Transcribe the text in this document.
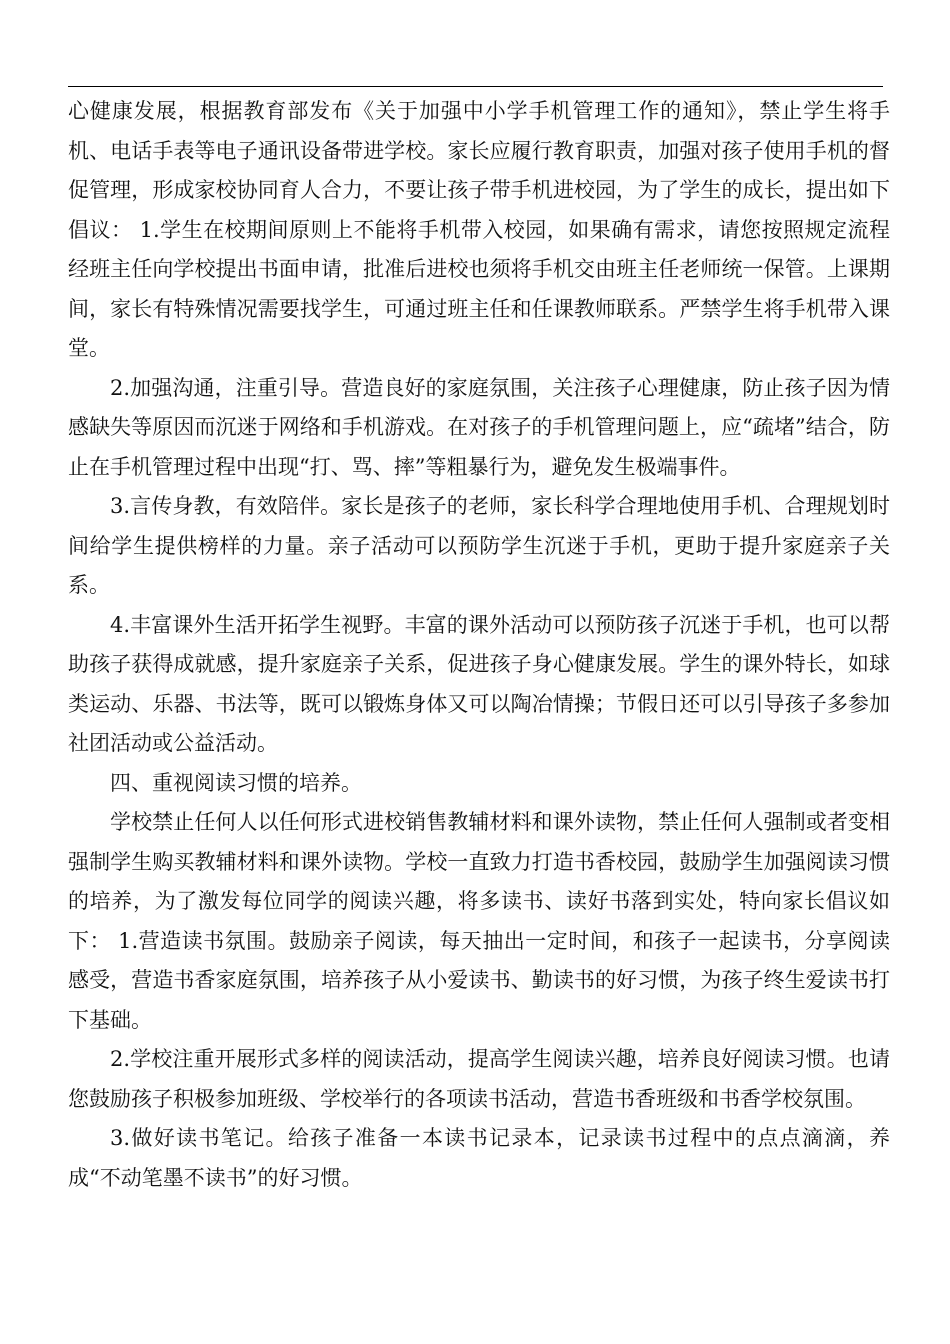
心健康发展，根据教育部发布《关于加强中小学手机管理工作的通知》，禁止学生将手机、电话手表等电子通讯设备带进学校。家长应履行教育职责，加强对孩子使用手机的督促管理，形成家校协同育人合力，不要让孩子带手机进校园，为了学生的成长，提出如下倡议： 1.学生在校期间原则上不能将手机带入校园，如果确有需求，请您按照规定流程经班主任向学校提出书面申请，批准后进校也须将手机交由班主任老师统一保管。上课期间，家长有特殊情况需要找学生，可通过班主任和任课教师联系。严禁学生将手机带入课堂。

2.加强沟通，注重引导。营造良好的家庭氛围，关注孩子心理健康，防止孩子因为情感缺失等原因而沉迷于网络和手机游戏。在对孩子的手机管理问题上，应“疏堵”结合，防止在手机管理过程中出现“打、骂、摔”等粗暴行为，避免发生极端事件。

3.言传身教，有效陪伴。家长是孩子的老师，家长科学合理地使用手机、合理规划时间给学生提供榜样的力量。亲子活动可以预防学生沉迷于手机，更助于提升家庭亲子关系。

4.丰富课外生活开拓学生视野。丰富的课外活动可以预防孩子沉迷于手机，也可以帮助孩子获得成就感，提升家庭亲子关系，促进孩子身心健康发展。学生的课外特长，如球类运动、乐器、书法等，既可以锻炼身体又可以陶冶情操；节假日还可以引导孩子多参加社团活动或公益活动。

四、重视阅读习惯的培养。

学校禁止任何人以任何形式进校销售教辅材料和课外读物，禁止任何人强制或者变相强制学生购买教辅材料和课外读物。学校一直致力打造书香校园，鼓励学生加强阅读习惯的培养，为了激发每位同学的阅读兴趣，将多读书、读好书落到实处，特向家长倡议如下： 1.营造读书氛围。鼓励亲子阅读，每天抽出一定时间，和孩子一起读书，分享阅读感受，营造书香家庭氛围，培养孩子从小爱读书、勤读书的好习惯，为孩子终生爱读书打下基础。

2.学校注重开展形式多样的阅读活动，提高学生阅读兴趣，培养良好阅读习惯。也请您鼓励孩子积极参加班级、学校举行的各项读书活动，营造书香班级和书香学校氛围。

3.做好读书笔记。给孩子准备一本读书记录本，记录读书过程中的点点滴滴，养成“不动笔墨不读书”的好习惯。
